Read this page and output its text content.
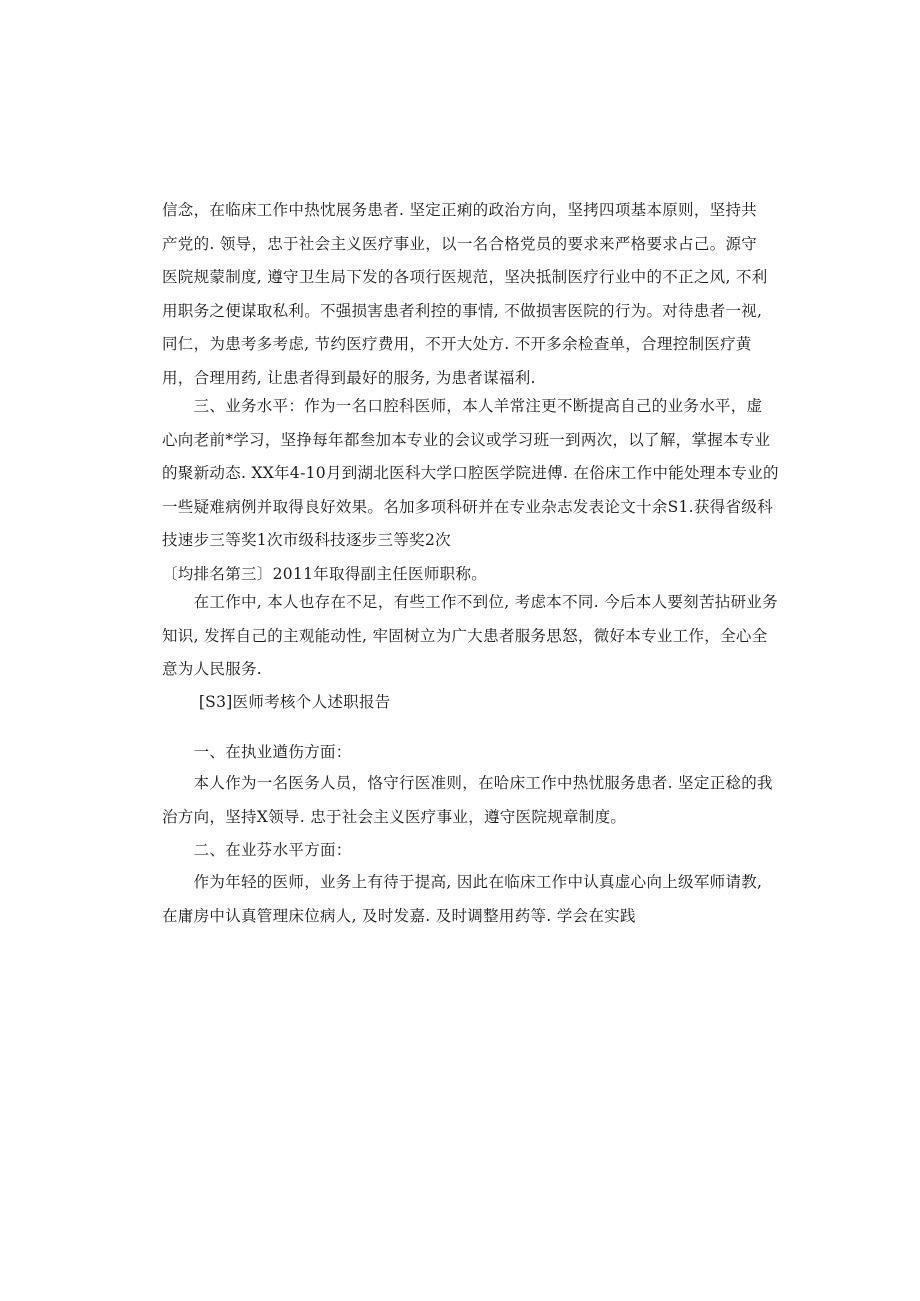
信念，在临床工作中热忱展务患者. 坚定正痢的政治方向，坚拷四项基本原则，坚持共
产党的. 领导，忠于社会主义医疗事业，以一名合格党员的要求来严格要求占己。源守
医院规蒙制度, 遵守卫生局下发的各项行医规范，坚决抵制医疗行业中的不正之风, 不利
用职务之便谋取私利。不强损害患者利控的事情, 不做损害医院的行为。对待患者一视,
同仁，为患考多考虑, 节约医疗费用，不开大处方. 不开多余检查单，合理控制医疗黄
用，合理用药, 让患者得到最好的服务, 为患者谋福利.
　　三、业务水平：作为一名口腔科医师，本人羊常注更不断提高自己的业务水平，虚
心向老前*学习，坚挣每年都叁加本专业的会议或学习班一到两次，以了解，掌握本专业
的聚新动态. XX年4-10月到湖北医科大学口腔医学院进傅. 在俗床工作中能处理本专业的
一些疑难病例并取得良好效果。名加多项科研并在专业杂志发表论文十余S1.获得省级科
技速步三等奖1次市级科技逐步三等奖2次
〔均排名第三〕2011年取得副主任医师职称。
　　在工作中, 本人也存在不足，有些工作不到位, 考虑本不同. 今后本人要刻苦拈研业务
知识, 发挥自己的主观能动性, 牢固树立为广大患者服务思怒，微好本专业工作，全心全
意为人民服务.
　　 [S3]医师考核个人述职报告
　　一、在执业遒伤方面：
　　本人作为一名医务人员，恪守行医准则，在哈床工作中热忧服务患者. 坚定正稔的我
治方向，坚持X领导. 忠于社会主义医疗事业，遵守医院规章制度。
　　二、在业芬水平方面：
　　作为年轻的医师，业务上有待于提高, 因此在临床工作中认真虚心向上级军师请教,
在庸房中认真管理床位病人, 及时发嘉. 及时调整用药等. 学会在实践
